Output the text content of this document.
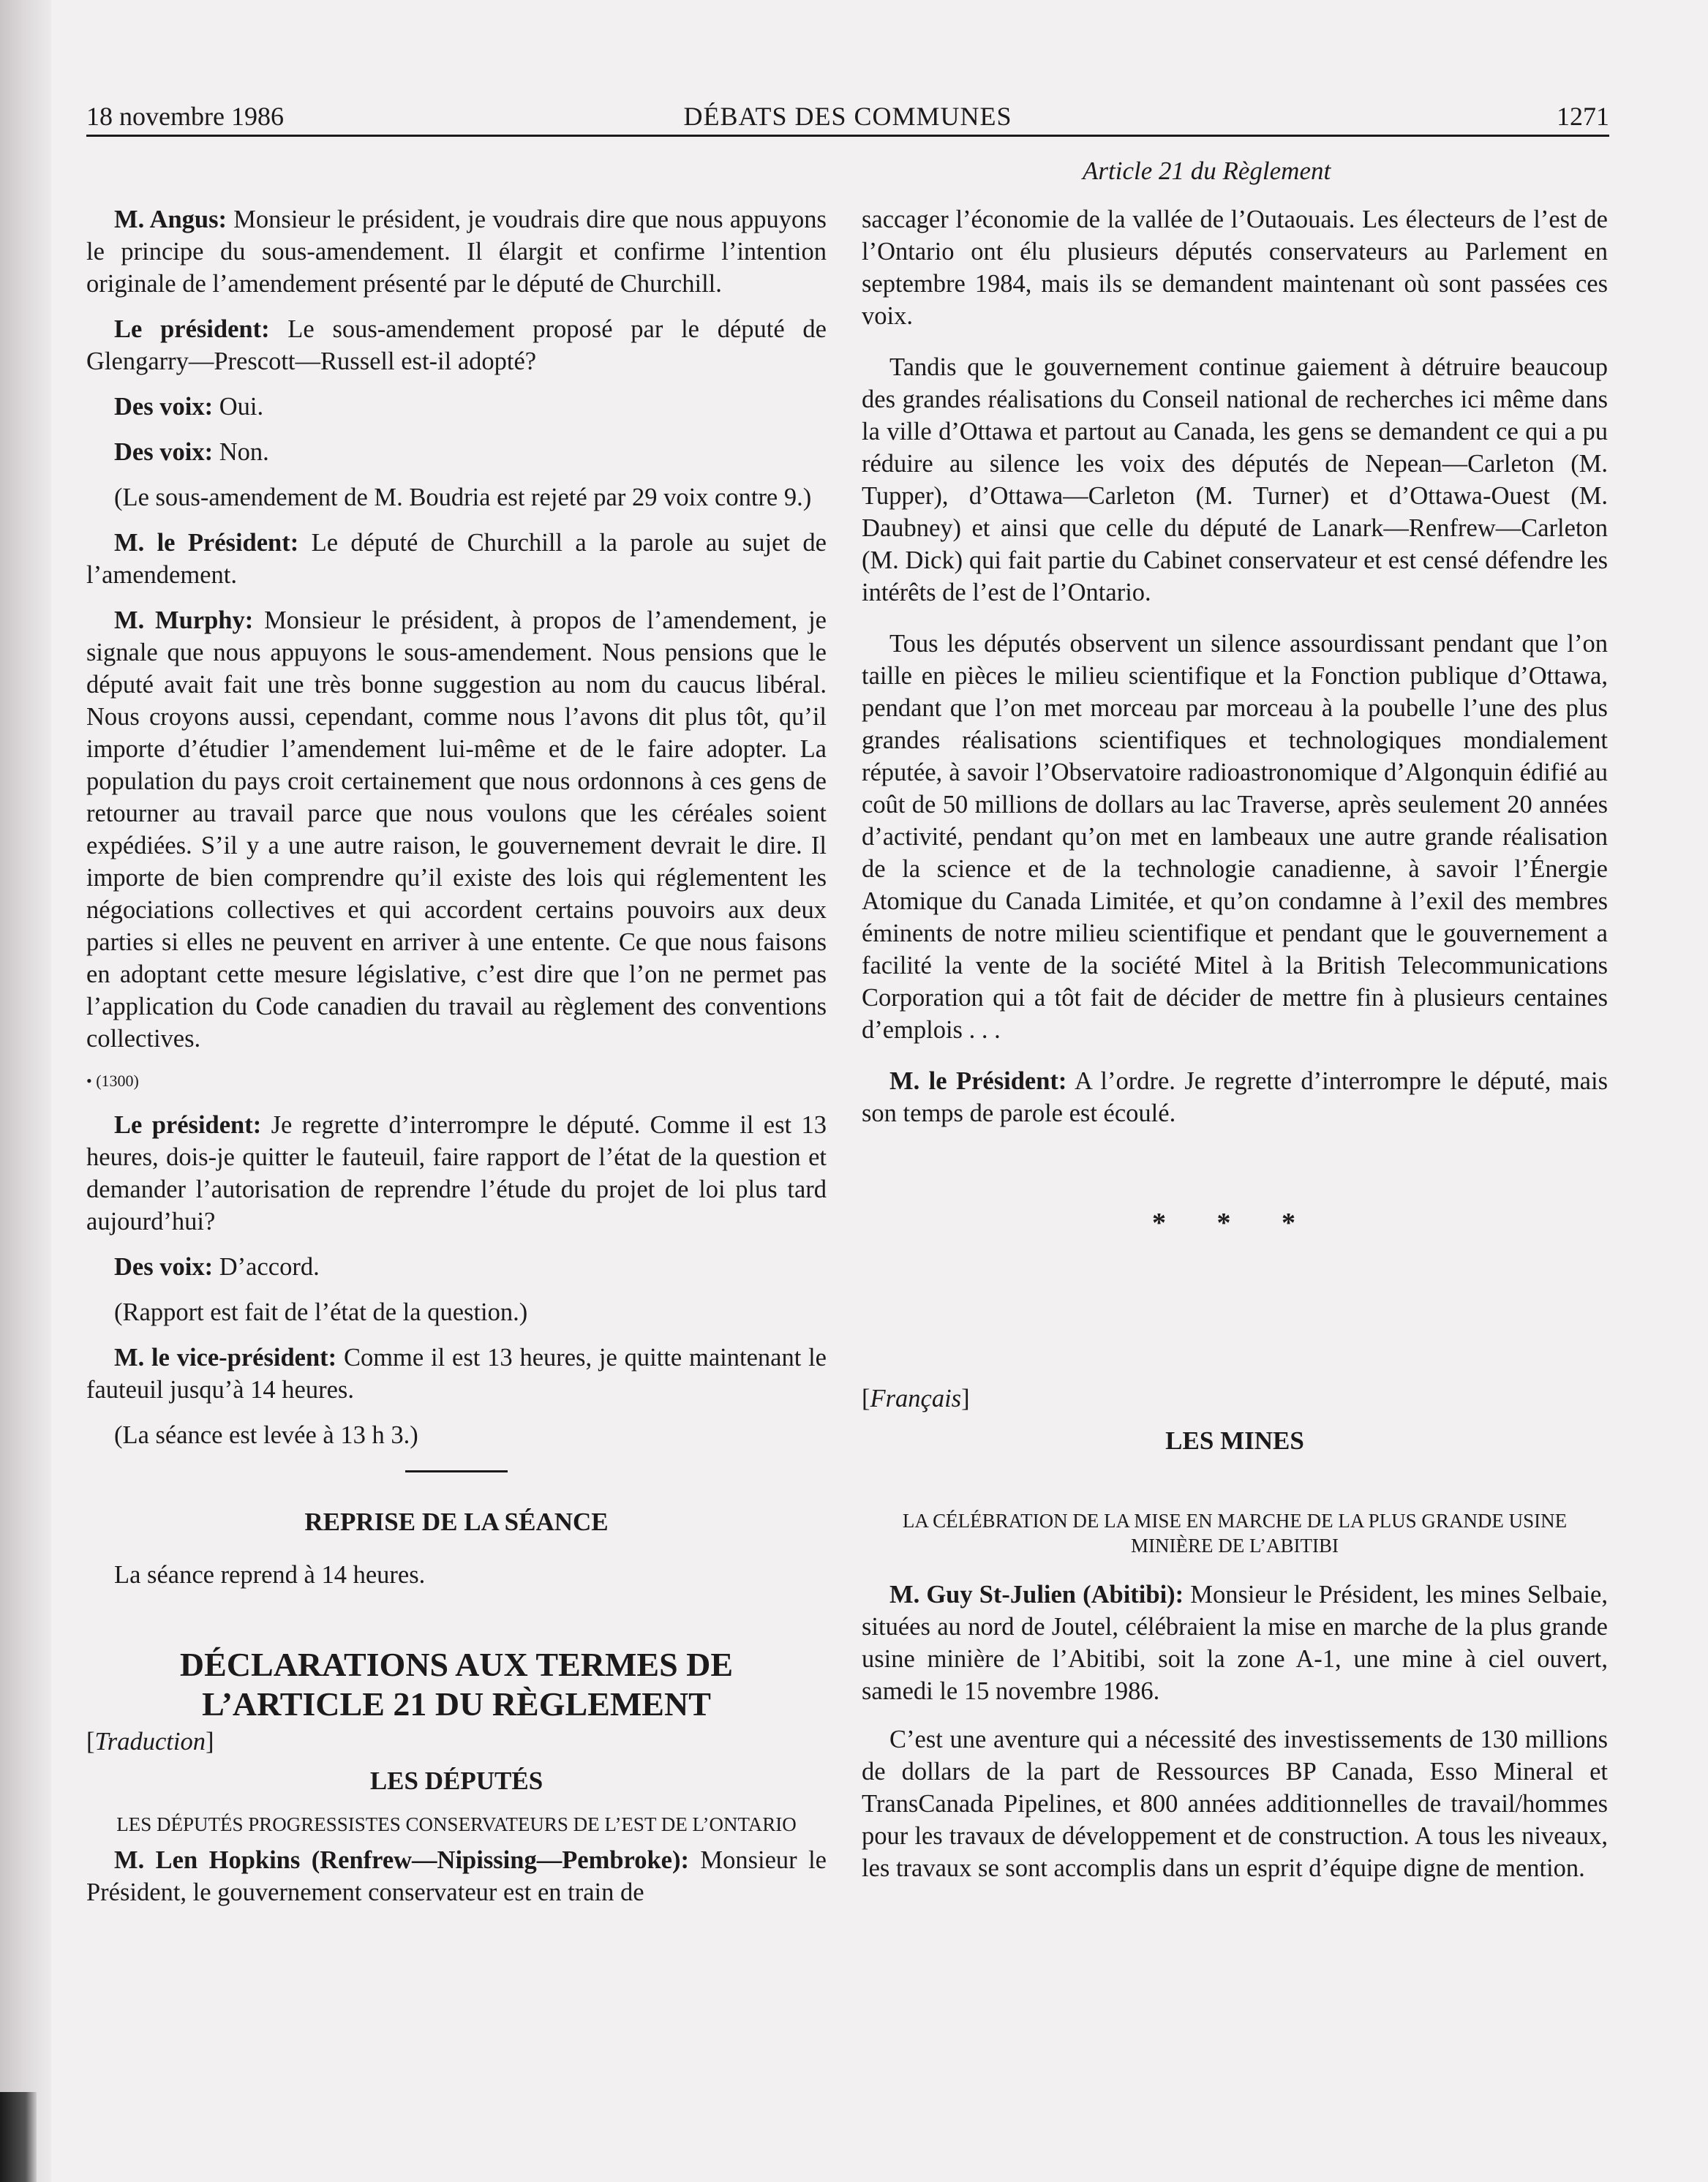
18 novembre 1986	DÉBATS DES COMMUNES	1271
Article 21 du Règlement

M. Angus: Monsieur le président, je voudrais dire que nous appuyons le principe du sous-amendement. Il élargit et confirme l’intention originale de l’amendement présenté par le député de Churchill.

Le président: Le sous-amendement proposé par le député de Glengarry—Prescott—Russell est-il adopté?

Des voix: Oui.

Des voix: Non.

(Le sous-amendement de M. Boudria est rejeté par 29 voix contre 9.)

M. le Président: Le député de Churchill a la parole au sujet de l’amendement.

M. Murphy: Monsieur le président, à propos de l’amendement, je signale que nous appuyons le sous-amendement. Nous pensions que le député avait fait une très bonne suggestion au nom du caucus libéral. Nous croyons aussi, cependant, comme nous l’avons dit plus tôt, qu’il importe d’étudier l’amendement lui-même et de le faire adopter. La population du pays croit certainement que nous ordonnons à ces gens de retourner au travail parce que nous voulons que les céréales soient expédiées. S’il y a une autre raison, le gouvernement devrait le dire. Il importe de bien comprendre qu’il existe des lois qui réglementent les négociations collectives et qui accordent certains pouvoirs aux deux parties si elles ne peuvent en arriver à une entente. Ce que nous faisons en adoptant cette mesure législative, c’est dire que l’on ne permet pas l’application du Code canadien du travail au règlement des conventions collectives.

• (1300)

Le président: Je regrette d’interrompre le député. Comme il est 13 heures, dois-je quitter le fauteuil, faire rapport de l’état de la question et demander l’autorisation de reprendre l’étude du projet de loi plus tard aujourd’hui?

Des voix: D’accord.

(Rapport est fait de l’état de la question.)

M. le vice-président: Comme il est 13 heures, je quitte maintenant le fauteuil jusqu’à 14 heures.

(La séance est levée à 13 h 3.)

REPRISE DE LA SÉANCE

La séance reprend à 14 heures.

DÉCLARATIONS AUX TERMES DE
L’ARTICLE 21 DU RÈGLEMENT

[Traduction]

LES DÉPUTÉS
LES DÉPUTÉS PROGRESSISTES CONSERVATEURS DE L’EST DE L’ONTARIO

M. Len Hopkins (Renfrew—Nipissing—Pembroke): Monsieur le Président, le gouvernement conservateur est en train de

saccager l’économie de la vallée de l’Outaouais. Les électeurs de l’est de l’Ontario ont élu plusieurs députés conservateurs au Parlement en septembre 1984, mais ils se demandent maintenant où sont passées ces voix.

Tandis que le gouvernement continue gaiement à détruire beaucoup des grandes réalisations du Conseil national de recherches ici même dans la ville d’Ottawa et partout au Canada, les gens se demandent ce qui a pu réduire au silence les voix des députés de Nepean—Carleton (M. Tupper), d’Ottawa—Carleton (M. Turner) et d’Ottawa-Ouest (M. Daubney) et ainsi que celle du député de Lanark—Renfrew—Carleton (M. Dick) qui fait partie du Cabinet conservateur et est censé défendre les intérêts de l’est de l’Ontario.

Tous les députés observent un silence assourdissant pendant que l’on taille en pièces le milieu scientifique et la Fonction publique d’Ottawa, pendant que l’on met morceau par morceau à la poubelle l’une des plus grandes réalisations scientifiques et technologiques mondialement réputée, à savoir l’Observatoire radioastronomique d’Algonquin édifié au coût de 50 millions de dollars au lac Traverse, après seulement 20 années d’activité, pendant qu’on met en lambeaux une autre grande réalisation de la science et de la technologie canadienne, à savoir l’Énergie Atomique du Canada Limitée, et qu’on condamne à l’exil des membres éminents de notre milieu scientifique et pendant que le gouvernement a facilité la vente de la société Mitel à la British Telecommunications Corporation qui a tôt fait de décider de mettre fin à plusieurs centaines d’emplois . . .

M. le Président: A l’ordre. Je regrette d’interrompre le député, mais son temps de parole est écoulé.

* * *

[Français]

LES MINES
LA CÉLÉBRATION DE LA MISE EN MARCHE DE LA PLUS GRANDE USINE MINIÈRE DE L’ABITIBI

M. Guy St-Julien (Abitibi): Monsieur le Président, les mines Selbaie, situées au nord de Joutel, célébraient la mise en marche de la plus grande usine minière de l’Abitibi, soit la zone A-1, une mine à ciel ouvert, samedi le 15 novembre 1986.

C’est une aventure qui a nécessité des investissements de 130 millions de dollars de la part de Ressources BP Canada, Esso Mineral et TransCanada Pipelines, et 800 années additionnelles de travail/hommes pour les travaux de développement et de construction. A tous les niveaux, les travaux se sont accomplis dans un esprit d’équipe digne de mention.
